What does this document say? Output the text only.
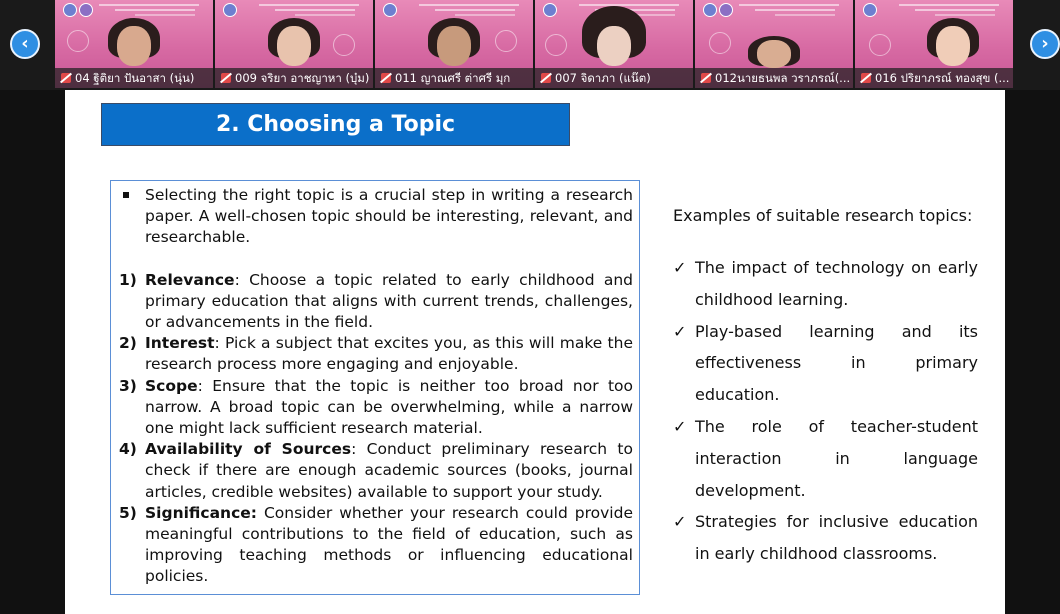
04 ฐิติยา ปันอาสา (นุ่น)	009 จริยา อาชญาหา (บุ๋ม)	011 ญาณศรี ต่าศรี มุก	007 จิดาภา (แน๊ต)	012นายธนพล วราภรณ์(...	016 ปริยาภรณ์ ทองสุข (...
‹	›
2. Choosing a Topic
Selecting the right topic is a crucial step in writing a research paper. A well-chosen topic should be interesting, relevant, and researchable.
1) Relevance: Choose a topic related to early childhood and primary education that aligns with current trends, challenges, or advancements in the field.
2) Interest: Pick a subject that excites you, as this will make the research process more engaging and enjoyable.
3) Scope: Ensure that the topic is neither too broad nor too narrow. A broad topic can be overwhelming, while a narrow one might lack sufficient research material.
4) Availability of Sources: Conduct preliminary research to check if there are enough academic sources (books, journal articles, credible websites) available to support your study.
5) Significance: Consider whether your research could provide meaningful contributions to the field of education, such as improving teaching methods or influencing educational policies.
Examples of suitable research topics:
✓ The impact of technology on early childhood learning.
✓ Play-based learning and its effectiveness in primary education.
✓ The role of teacher-student interaction in language development.
✓ Strategies for inclusive education in early childhood classrooms.
